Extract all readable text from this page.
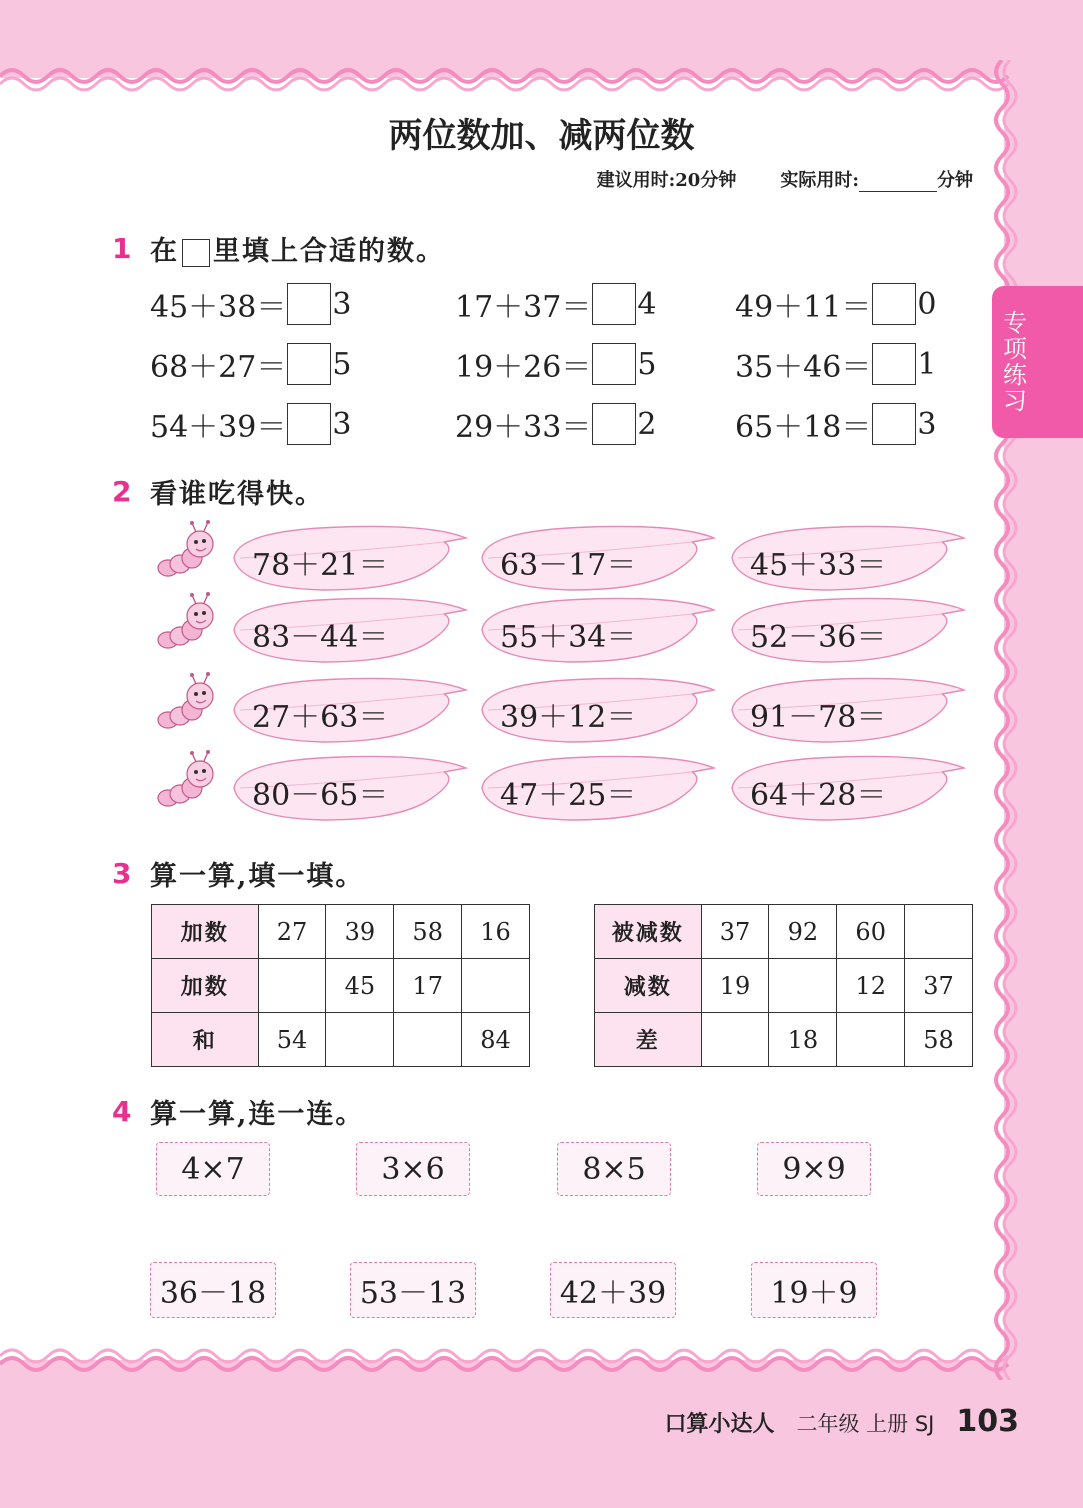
两位数加、减两位数
建议用时:20分钟 实际用时:	分钟
专项练习
1 在 里填上合适的数。
45＋38＝ 3	17＋37＝ 4	49＋11＝ 0
68＋27＝ 5	19＋26＝ 5	35＋46＝ 1
54＋39＝ 3	29＋33＝ 2	65＋18＝ 3
2 看谁吃得快。
78＋21＝	63－17＝	45＋33＝
83－44＝	55＋34＝	52－36＝
27＋63＝	39＋12＝	91－78＝
80－65＝	47＋25＝	64＋28＝
3 算一算,填一填。
加数	27	39	58	16
加数		45	17	
和	54			84
被减数	37	92	60	
减数	19		12	37
差		18		58
4 算一算,连一连。
4×7	3×6	8×5	9×9
36－18	53－13	42＋39	19＋9
口算小达人 二年级 上册 SJ 103
